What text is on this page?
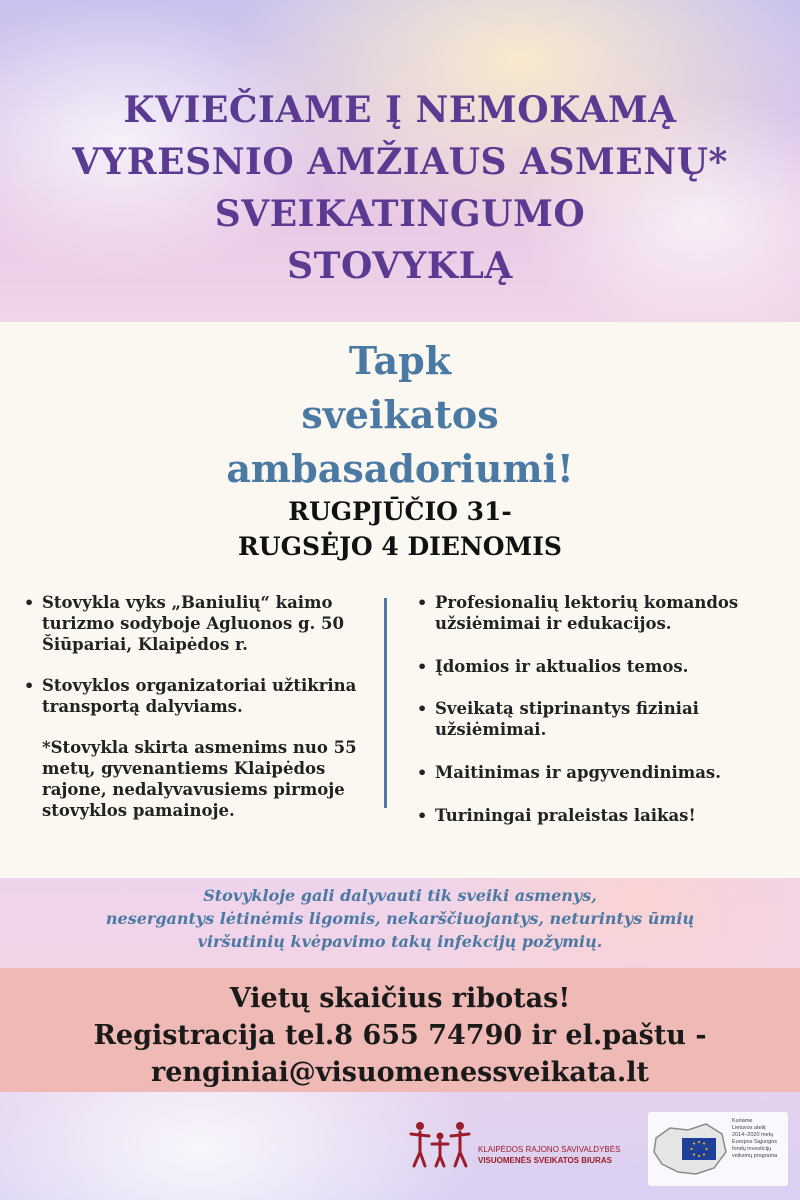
KVIEČIAME Į NEMOKAMĄ
VYRESNIO AMŽIAUS ASMENŲ*
SVEIKATINGUMO
STOVYKLĄ
Tapk
sveikatos
ambasadoriumi!
RUGPJŪČIO 31-
RUGSĖJO 4 DIENOMIS
• Stovykla vyks „Baniulių“ kaimo turizmo sodyboje Agluonos g. 50 Šiūpariai, Klaipėdos r.
• Stovyklos organizatoriai užtikrina transportą dalyviams.

*Stovykla skirta asmenims nuo 55 metų, gyvenantiems Klaipėdos rajone, nedalyvavusiems pirmoje stovyklos pamainoje.

• Profesionalių lektorių komandos užsiėmimai ir edukacijos.
• Įdomios ir aktualios temos.
• Sveikatą stiprinantys fiziniai užsiėmimai.
• Maitinimas ir apgyvendinimas.
• Turiningai praleistas laikas!
Stovykloje gali dalyvauti tik sveiki asmenys,
nesergantys lėtinėmis ligomis, nekarščiuojantys, neturintys ūmių
viršutinių kvėpavimo takų infekcijų požymių.
Vietų skaičius ribotas!
Registracija tel.8 655 74790 ir el.paštu -
renginiai@visuomenessveikata.lt
KLAIPĖDOS RAJONO SAVIVALDYBĖS
VISUOMENĖS SVEIKATOS BIURAS
Kuriame
Lietuvos ateitį
2014–2020 metų
Europos Sąjungos
fondų investicijų
veiksmų programa
